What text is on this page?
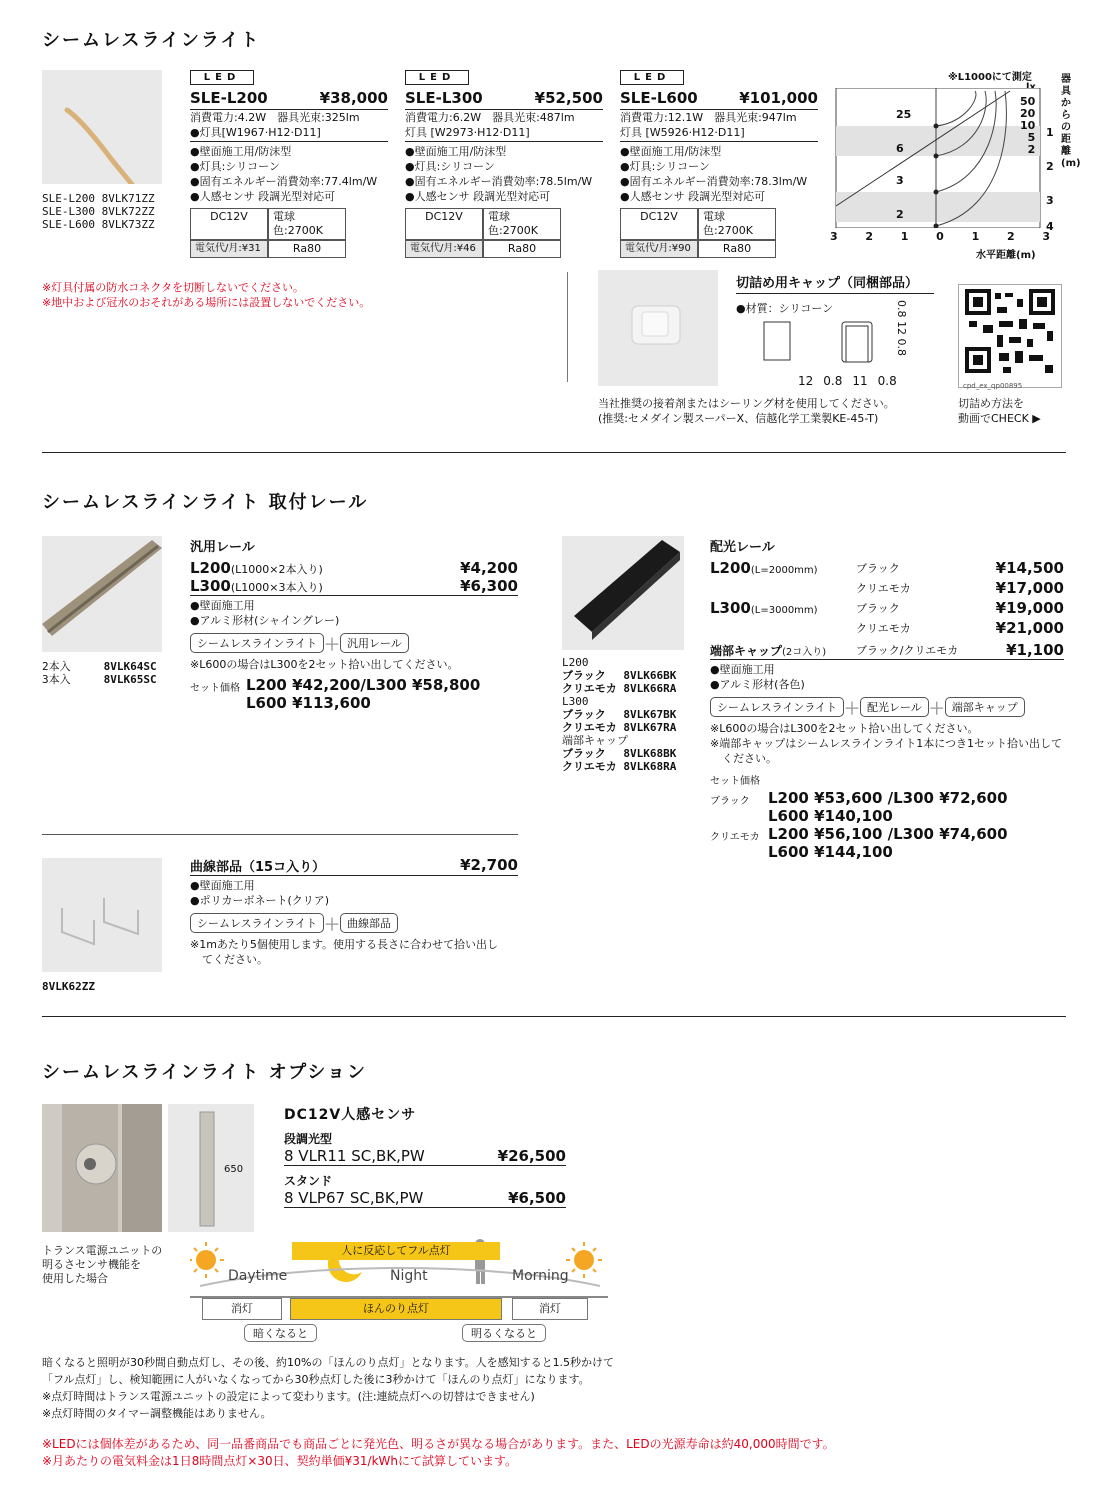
シームレスラインライト
SLE-L200 8VLK71ZZ
SLE-L300 8VLK72ZZ
SLE-L600 8VLK73ZZ
LED
SLE-L200	¥38,000
消費電力:4.2W　器具光束:325lm
●灯具[W1967·H12·D11]
●壁面施工用/防沫型
●灯具:シリコーン
●固有エネルギー消費効率:77.4lm/W
●人感センサ 段調光型対応可
DC12V	電球色:2700K
電気代/月:¥31	Ra80
LED
SLE-L300	¥52,500
消費電力:6.2W　器具光束:487lm
灯具 [W2973·H12·D11]
●壁面施工用/防沫型
●灯具:シリコーン
●固有エネルギー消費効率:78.5lm/W
●人感センサ 段調光型対応可
DC12V	電球色:2700K
電気代/月:¥46	Ra80
LED
SLE-L600	¥101,000
消費電力:12.1W　器具光束:947lm
灯具 [W5926·H12·D11]
●壁面施工用/防沫型
●灯具:シリコーン
●固有エネルギー消費効率:78.3lm/W
●人感センサ 段調光型対応可
DC12V	電球色:2700K
電気代/月:¥90	Ra80
※L1000にて測定
25
6
3
2
50
20
10
5
2
1
2
3
4
器具からの距離(m)
3	2	1	0	1	2	3
水平距離(m)
※灯具付属の防水コネクタを切断しないでください。
※地中および冠水のおそれがある場所には設置しないでください。
切詰め用キャップ（同梱部品）
●材質：シリコーン
12 0.8 11 0.8
0.8 12 0.8
当社推奨の接着剤またはシーリング材を使用してください。
(推奨:セメダイン製スーパーX、信越化学工業製KE-45-T)
cpd_ex_qp00895
切詰め方法を
動画でCHECK ▶
シームレスラインライト 取付レール
2本入　　　	8VLK64SC
3本入　　　	8VLK65SC
汎用レール
L200(L1000×2本入り)	¥4,200
L300(L1000×3本入り)	¥6,300
●壁面施工用
●アルミ形材(シャイングレー)
シームレスラインライト ＋ 汎用レール
※L600の場合はL300を2セット拾い出してください。
セット価格 L200 ¥42,200/L300 ¥58,800
L600 ¥113,600
L200
ブラック　 8VLK66BK
クリエモカ 8VLK66RA
L300
ブラック　 8VLK67BK
クリエモカ 8VLK67RA
端部キャップ
ブラック　 8VLK68BK
クリエモカ 8VLK68RA
配光レール
L200(L=2000mm)	ブラック	¥14,500
クリエモカ	¥17,000
L300(L=3000mm)	ブラック	¥19,000
クリエモカ	¥21,000
端部キャップ(2コ入り)	ブラック/クリエモカ	¥1,100
●壁面施工用
●アルミ形材(各色)
シームレスラインライト ＋ 配光レール ＋ 端部キャップ
※L600の場合はL300を2セット拾い出してください。
※端部キャップはシームレスラインライト1本につき1セット拾い出して
ください。
セット価格
ブラック	L200 ¥53,600 /L300 ¥72,600
L600 ¥140,100
クリエモカ L200 ¥56,100 /L300 ¥74,600
L600 ¥144,100
8VLK62ZZ
曲線部品（15コ入り）	¥2,700
●壁面施工用
●ポリカーボネート(クリア)
シームレスラインライト ＋ 曲線部品
※1mあたり5個使用します。使用する長さに合わせて拾い出し
てください。
シームレスラインライト オプション
650
DC12V人感センサ
段調光型
8 VLR11 SC,BK,PW	¥26,500
スタンド
8 VLP67 SC,BK,PW	¥6,500
トランス電源ユニットの
明るさセンサ機能を
使用した場合
人に反応してフル点灯
Daytime	Night	Morning
消灯	ほんのり点灯	消灯
暗くなると	明るくなると
暗くなると照明が30秒間自動点灯し、その後、約10%の「ほんのり点灯」となります。人を感知すると1.5秒かけて
「フル点灯」し、検知範囲に人がいなくなってから30秒点灯した後に3秒かけて「ほんのり点灯」になります。
※点灯時間はトランス電源ユニットの設定によって変わります。(注:連続点灯への切替はできません)
※点灯時間のタイマー調整機能はありません。
※LEDには個体差があるため、同一品番商品でも商品ごとに発光色、明るさが異なる場合があります。また、LEDの光源寿命は約40,000時間です。
※月あたりの電気料金は1日8時間点灯×30日、契約単価¥31/kWhにて試算しています。
